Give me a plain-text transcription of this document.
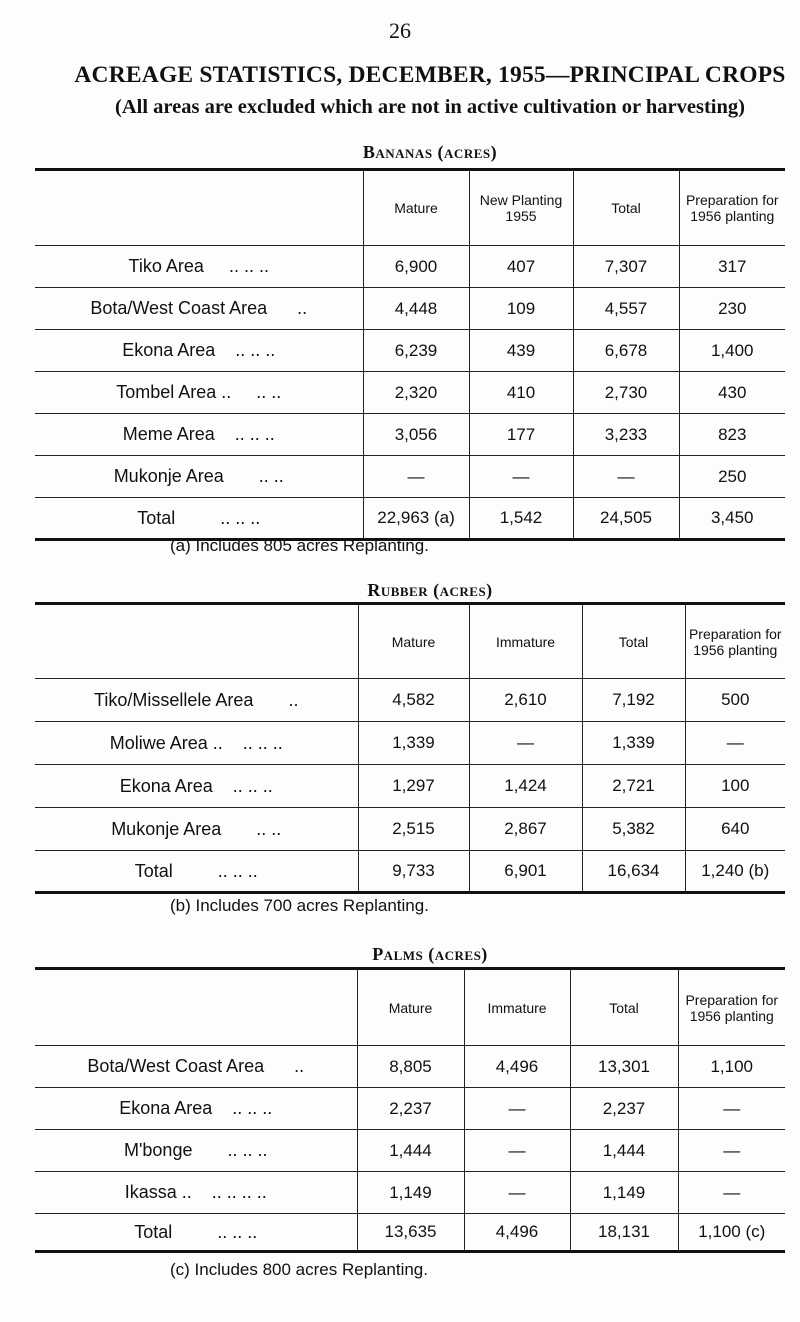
26
ACREAGE STATISTICS, DECEMBER, 1955—PRINCIPAL CROPS
(All areas are excluded which are not in active cultivation or harvesting)
Bananas (acres)
	Mature	New Planting 1955	Total	Preparation for 1956 planting
Tiko Area .. .. ..	6,900	407	7,307	317
Bota/West Coast Area ..	4,448	109	4,557	230
Ekona Area .. .. ..	6,239	439	6,678	1,400
Tombel Area .. .. ..	2,320	410	2,730	430
Meme Area .. .. ..	3,056	177	3,233	823
Mukonje Area .. ..	—	—	—	250
Total .. .. ..	22,963 (a)	1,542	24,505	3,450
(a) Includes 805 acres Replanting.
Rubber (acres)
	Mature	Immature	Total	Preparation for 1956 planting
Tiko/Missellele Area ..	4,582	2,610	7,192	500
Moliwe Area .. .. .. ..	1,339	—	1,339	—
Ekona Area .. .. ..	1,297	1,424	2,721	100
Mukonje Area .. ..	2,515	2,867	5,382	640
Total .. .. ..	9,733	6,901	16,634	1,240 (b)
(b) Includes 700 acres Replanting.
Palms (acres)
	Mature	Immature	Total	Preparation for 1956 planting
Bota/West Coast Area ..	8,805	4,496	13,301	1,100
Ekona Area .. .. ..	2,237	—	2,237	—
M'bonge .. .. ..	1,444	—	1,444	—
Ikassa .. .. .. .. ..	1,149	—	1,149	—
Total .. .. ..	13,635	4,496	18,131	1,100 (c)
(c) Includes 800 acres Replanting.
